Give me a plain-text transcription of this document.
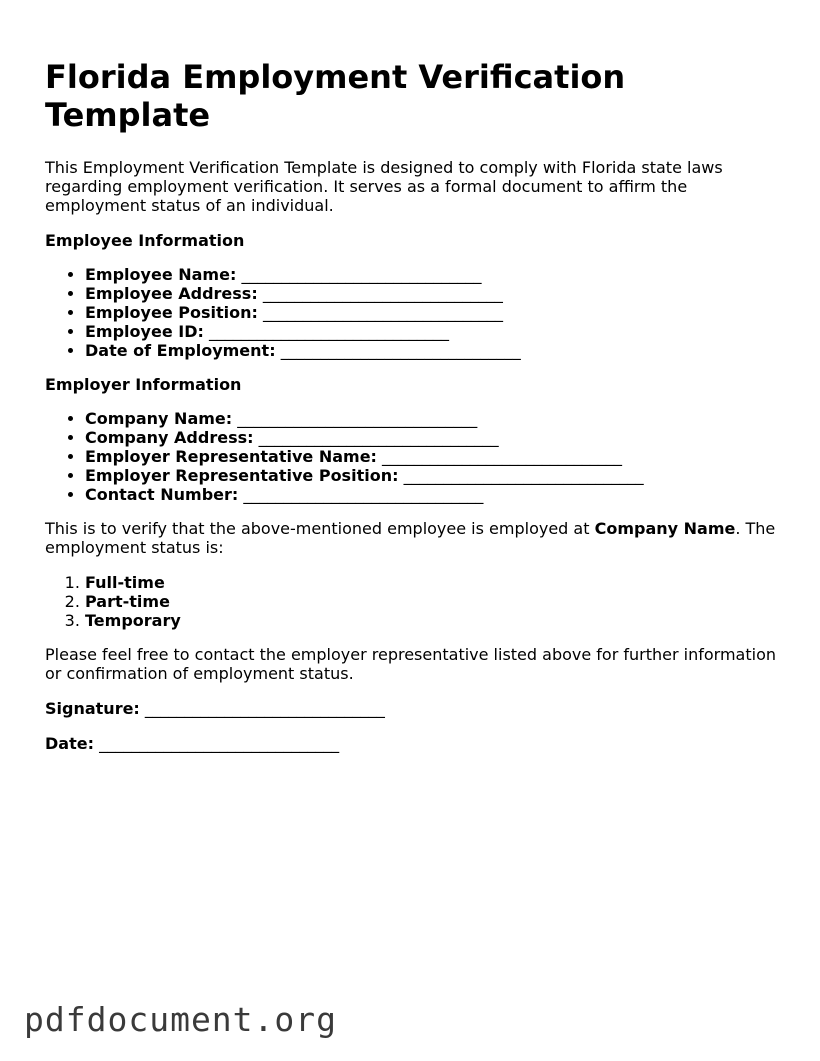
Florida Employment Verification Template

This Employment Verification Template is designed to comply with Florida state laws regarding employment verification. It serves as a formal document to affirm the employment status of an individual.

Employee Information
• Employee Name: ______________________________
• Employee Address: ______________________________
• Employee Position: ______________________________
• Employee ID: ______________________________
• Date of Employment: ______________________________
Employer Information
• Company Name: ______________________________
• Company Address: ______________________________
• Employer Representative Name: ______________________________
• Employer Representative Position: ______________________________
• Contact Number: ______________________________

This is to verify that the above-mentioned employee is employed at Company Name. The employment status is:

1. Full-time
2. Part-time
3. Temporary

Please feel free to contact the employer representative listed above for further information or confirmation of employment status.

Signature: ______________________________

Date: ______________________________

pdfdocument.org
